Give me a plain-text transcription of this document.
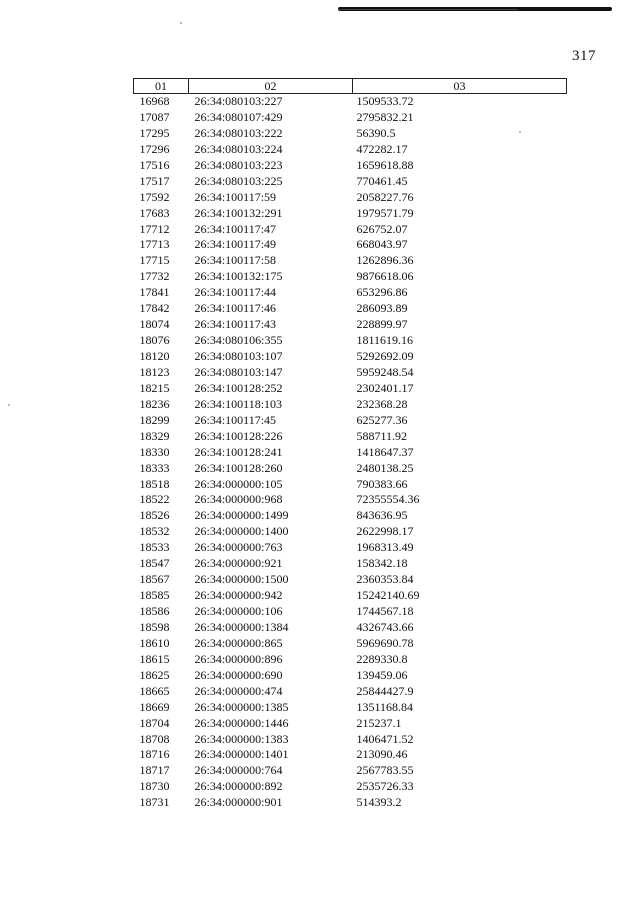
317
01	02	03
16968	26:34:080103:227	1509533.72
17087	26:34:080107:429	2795832.21
17295	26:34:080103:222	56390.5
17296	26:34:080103:224	472282.17
17516	26:34:080103:223	1659618.88
17517	26:34:080103:225	770461.45
17592	26:34:100117:59	2058227.76
17683	26:34:100132:291	1979571.79
17712	26:34:100117:47	626752.07
17713	26:34:100117:49	668043.97
17715	26:34:100117:58	1262896.36
17732	26:34:100132:175	9876618.06
17841	26:34:100117:44	653296.86
17842	26:34:100117:46	286093.89
18074	26:34:100117:43	228899.97
18076	26:34:080106:355	1811619.16
18120	26:34:080103:107	5292692.09
18123	26:34:080103:147	5959248.54
18215	26:34:100128:252	2302401.17
18236	26:34:100118:103	232368.28
18299	26:34:100117:45	625277.36
18329	26:34:100128:226	588711.92
18330	26:34:100128:241	1418647.37
18333	26:34:100128:260	2480138.25
18518	26:34:000000:105	790383.66
18522	26:34:000000:968	72355554.36
18526	26:34:000000:1499	843636.95
18532	26:34:000000:1400	2622998.17
18533	26:34:000000:763	1968313.49
18547	26:34:000000:921	158342.18
18567	26:34:000000:1500	2360353.84
18585	26:34:000000:942	15242140.69
18586	26:34:000000:106	1744567.18
18598	26:34:000000:1384	4326743.66
18610	26:34:000000:865	5969690.78
18615	26:34:000000:896	2289330.8
18625	26:34:000000:690	139459.06
18665	26:34:000000:474	25844427.9
18669	26:34:000000:1385	1351168.84
18704	26:34:000000:1446	215237.1
18708	26:34:000000:1383	1406471.52
18716	26:34:000000:1401	213090.46
18717	26:34:000000:764	2567783.55
18730	26:34:000000:892	2535726.33
18731	26:34:000000:901	514393.2
